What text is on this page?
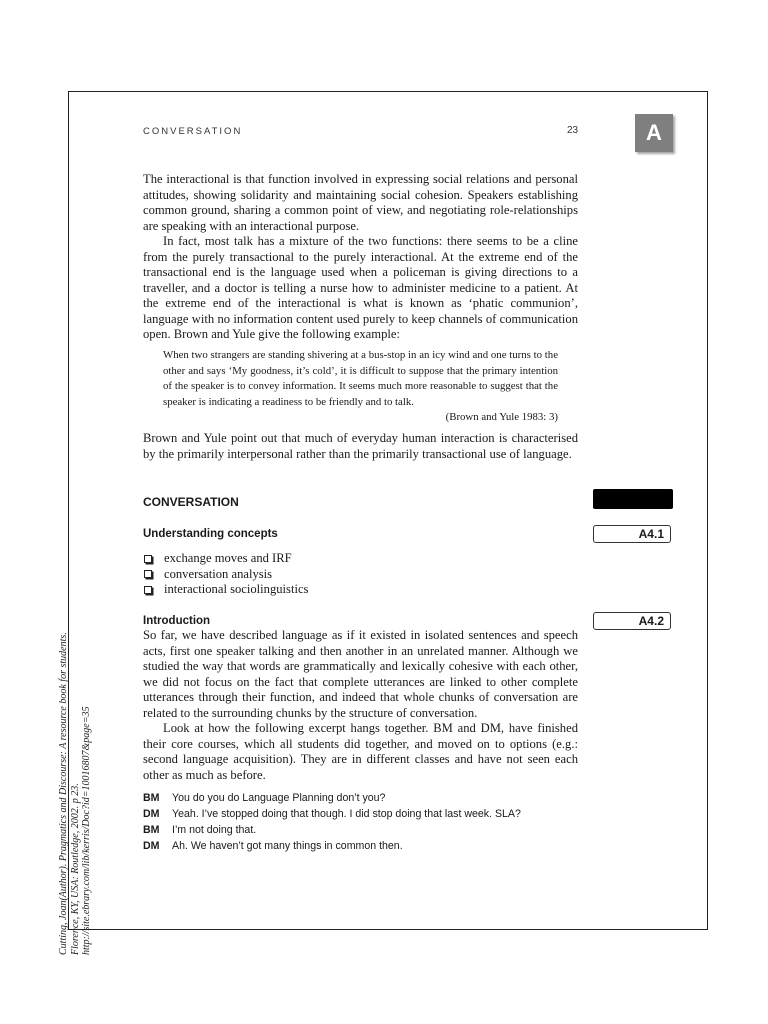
CONVERSATION	23	A

The interactional is that function involved in expressing social relations and personal attitudes, showing solidarity and maintaining social cohesion. Speakers establishing common ground, sharing a common point of view, and negotiating role-relationships are speaking with an interactional purpose.

In fact, most talk has a mixture of the two functions: there seems to be a cline from the purely transactional to the purely interactional. At the extreme end of the transactional end is the language used when a policeman is giving directions to a traveller, and a doctor is telling a nurse how to administer medicine to a patient. At the extreme end of the interactional is what is known as ‘phatic communion’, language with no information content used purely to keep channels of communication open. Brown and Yule give the following example:

When two strangers are standing shivering at a bus-stop in an icy wind and one turns to the other and says ‘My goodness, it’s cold’, it is difficult to suppose that the primary intention of the speaker is to convey information. It seems much more reasonable to suggest that the speaker is indicating a readiness to be friendly and to talk.

(Brown and Yule 1983: 3)

Brown and Yule point out that much of everyday human interaction is characterised by the primarily interpersonal rather than the primarily transactional use of language.

CONVERSATION
Understanding concepts	A4.1
exchange moves and IRF
conversation analysis
interactional sociolinguistics
Introduction	A4.2

So far, we have described language as if it existed in isolated sentences and speech acts, first one speaker talking and then another in an unrelated manner. Although we studied the way that words are grammatically and lexically cohesive with each other, we did not focus on the fact that complete utterances are linked to other complete utterances through their function, and indeed that whole chunks of conversation are related to the surrounding chunks by the structure of conversation.

Look at how the following excerpt hangs together. BM and DM, have finished their core courses, which all students did together, and moved on to options (e.g.: second language acquisition). They are in different classes and have not seen each other as much as before.

BM	You do you do Language Planning don’t you?
DM	Yeah. I’ve stopped doing that though. I did stop doing that last week. SLA?
BM	I’m not doing that.
DM	Ah. We haven’t got many things in common then.
Cutting, Joan(Author). Pragmatics and Discourse: A resource book for students. Florence, KY, USA: Routledge, 2002. p 23. http://site.ebrary.com/lib/kerris/Doc?id=10016807&page=35
